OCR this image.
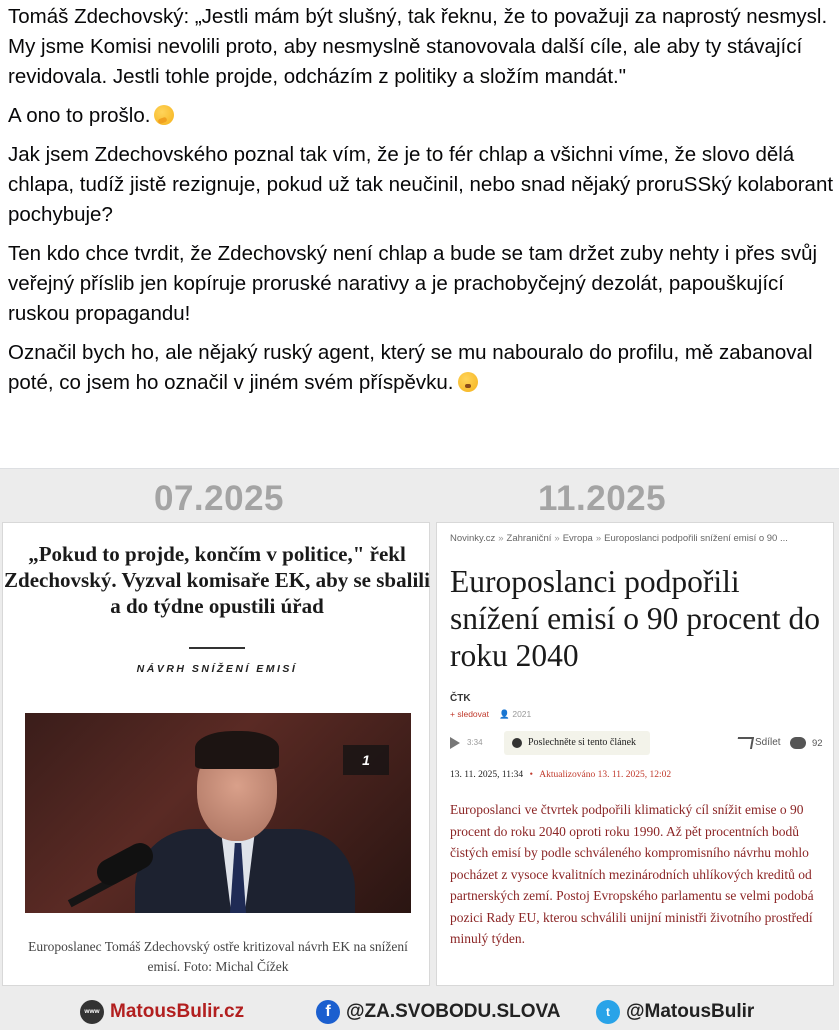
Tomáš Zdechovský: „Jestli mám být slušný, tak řeknu, že to považuji za naprostý nesmysl. My jsme Komisi nevolili proto, aby nesmyslně stanovovala další cíle, ale aby ty stávající revidovala. Jestli tohle projde, odcházím z politiky a složím mandát."

A ono to prošlo.

Jak jsem Zdechovského poznal tak vím, že je to fér chlap a všichni víme, že slovo dělá chlapa, tudíž jistě rezignuje, pokud už tak neučinil, nebo snad nějaký proruSSký kolaborant pochybuje?

Ten kdo chce tvrdit, že Zdechovský není chlap a bude se tam držet zuby nehty i přes svůj veřejný příslib jen kopíruje proruské narativy a je prachobyčejný dezolát, papouškující ruskou propagandu!

Označil bych ho, ale nějaký ruský agent, který se mu nabouralo do profilu, mě zabanoval poté, co jsem ho označil v jiném svém příspěvku.

07.2025	11.2025
„Pokud to projde, končím v politice," řekl Zdechovský. Vyzval komisaře EK, aby se sbalili a do týdne opustili úřad
NÁVRH SNÍŽENÍ EMISÍ
1
Europoslanec Tomáš Zdechovský ostře kritizoval návrh EK na snížení emisí. Foto: Michal Čížek
Novinky.cz » Zahraniční » Evropa » Europoslanci podpořili snížení emisí o 90 ...
Europoslanci podpořili snížení emisí o 90 procent do roku 2040
ČTK
+ sledovat 👤 2021
3:34	Poslechněte si tento článek	Sdílet	92
13. 11. 2025, 11:34 • Aktualizováno 13. 11. 2025, 12:02
Europoslanci ve čtvrtek podpořili klimatický cíl snížit emise o 90 procent do roku 2040 oproti roku 1990. Až pět procentních bodů čistých emisí by podle schváleného kompromisního návrhu mohlo pocházet z vysoce kvalitních mezinárodních uhlíkových kreditů od partnerských zemí. Postoj Evropského parlamentu se velmi podobá pozici Rady EU, kterou schválili unijní ministři životního prostředí minulý týden.
www MatousBulir.cz	f @ZA.SVOBODU.SLOVA	t @MatousBulir
